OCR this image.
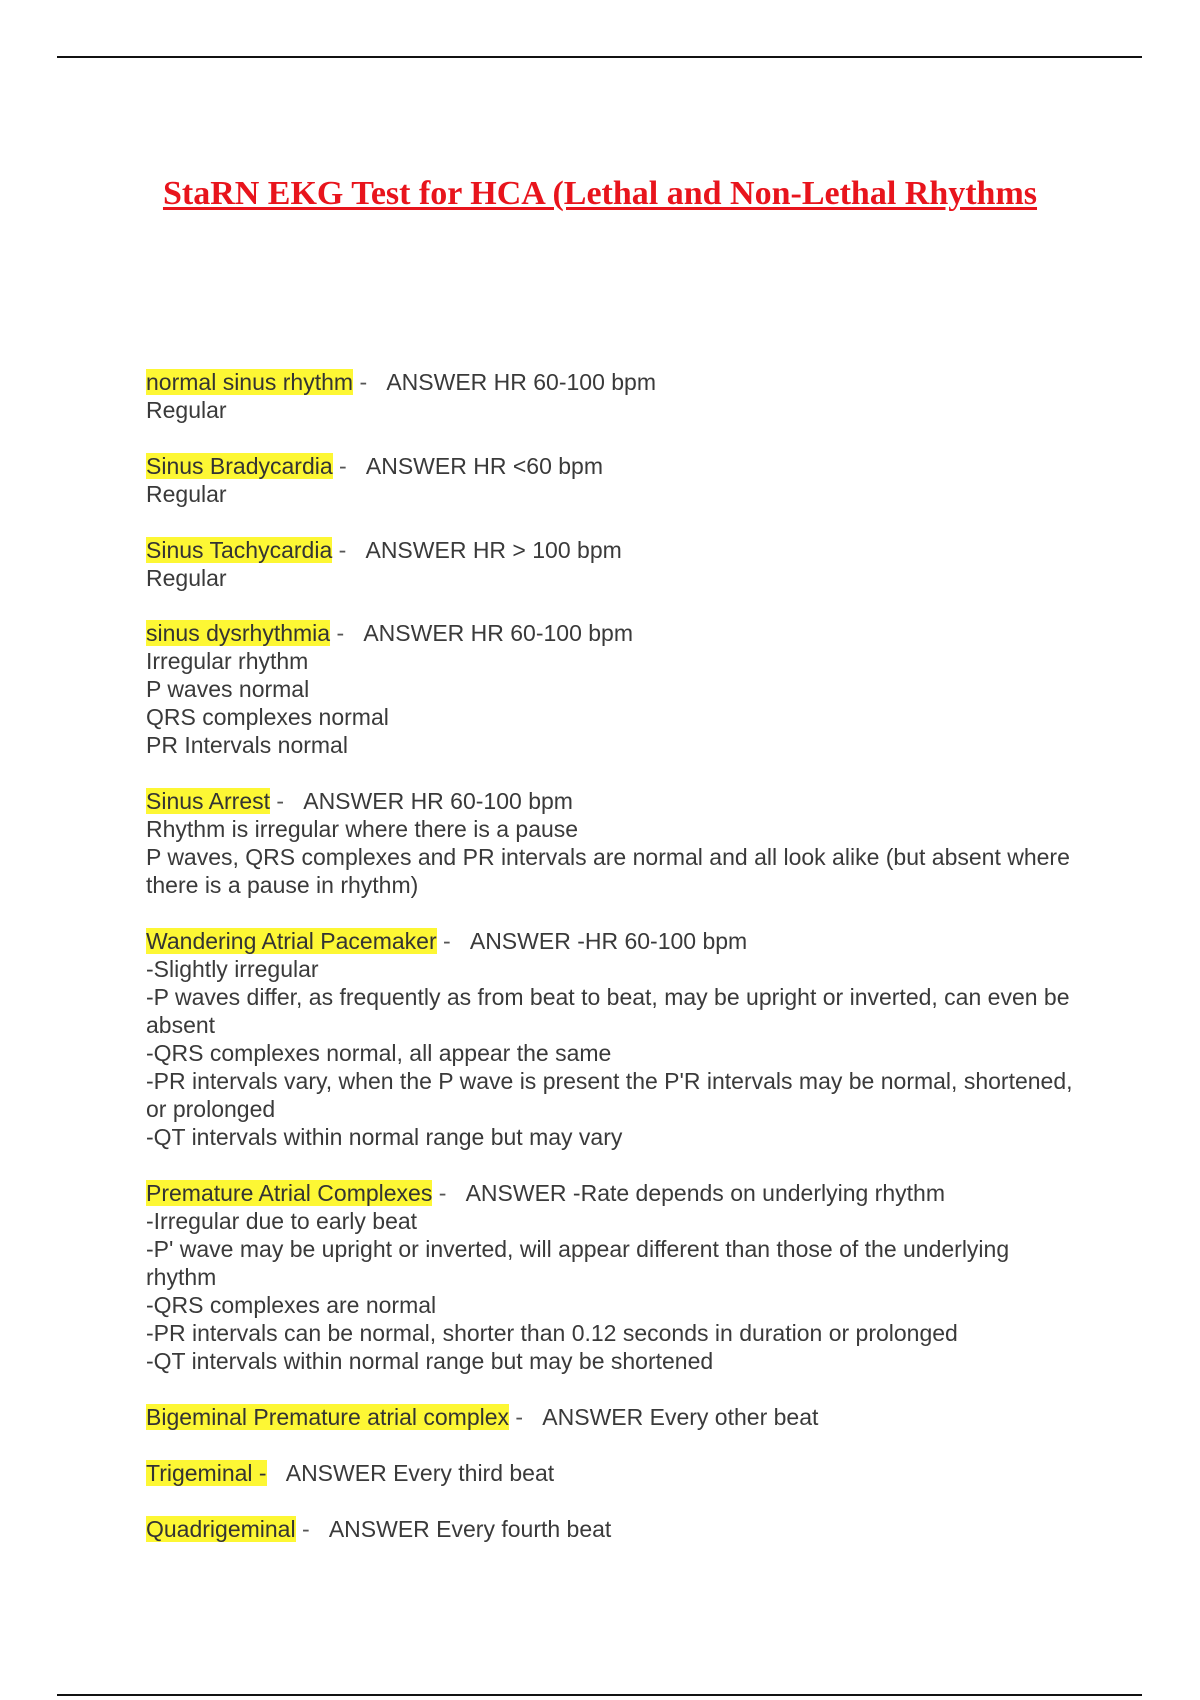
StaRN EKG Test for HCA (Lethal and Non-Lethal Rhythms
normal sinus rhythm - ANSWER HR 60-100 bpm
Regular
Sinus Bradycardia - ANSWER HR <60 bpm
Regular
Sinus Tachycardia - ANSWER HR > 100 bpm
Regular
sinus dysrhythmia - ANSWER HR 60-100 bpm
Irregular rhythm
P waves normal
QRS complexes normal
PR Intervals normal
Sinus Arrest - ANSWER HR 60-100 bpm
Rhythm is irregular where there is a pause
P waves, QRS complexes and PR intervals are normal and all look alike (but absent where there is a pause in rhythm)
Wandering Atrial Pacemaker - ANSWER -HR 60-100 bpm
-Slightly irregular
-P waves differ, as frequently as from beat to beat, may be upright or inverted, can even be absent
-QRS complexes normal, all appear the same
-PR intervals vary, when the P wave is present the P'R intervals may be normal, shortened, or prolonged
-QT intervals within normal range but may vary
Premature Atrial Complexes - ANSWER -Rate depends on underlying rhythm
-Irregular due to early beat
-P' wave may be upright or inverted, will appear different than those of the underlying rhythm
-QRS complexes are normal
-PR intervals can be normal, shorter than 0.12 seconds in duration or prolonged
-QT intervals within normal range but may be shortened
Bigeminal Premature atrial complex - ANSWER Every other beat
Trigeminal - ANSWER Every third beat
Quadrigeminal - ANSWER Every fourth beat
